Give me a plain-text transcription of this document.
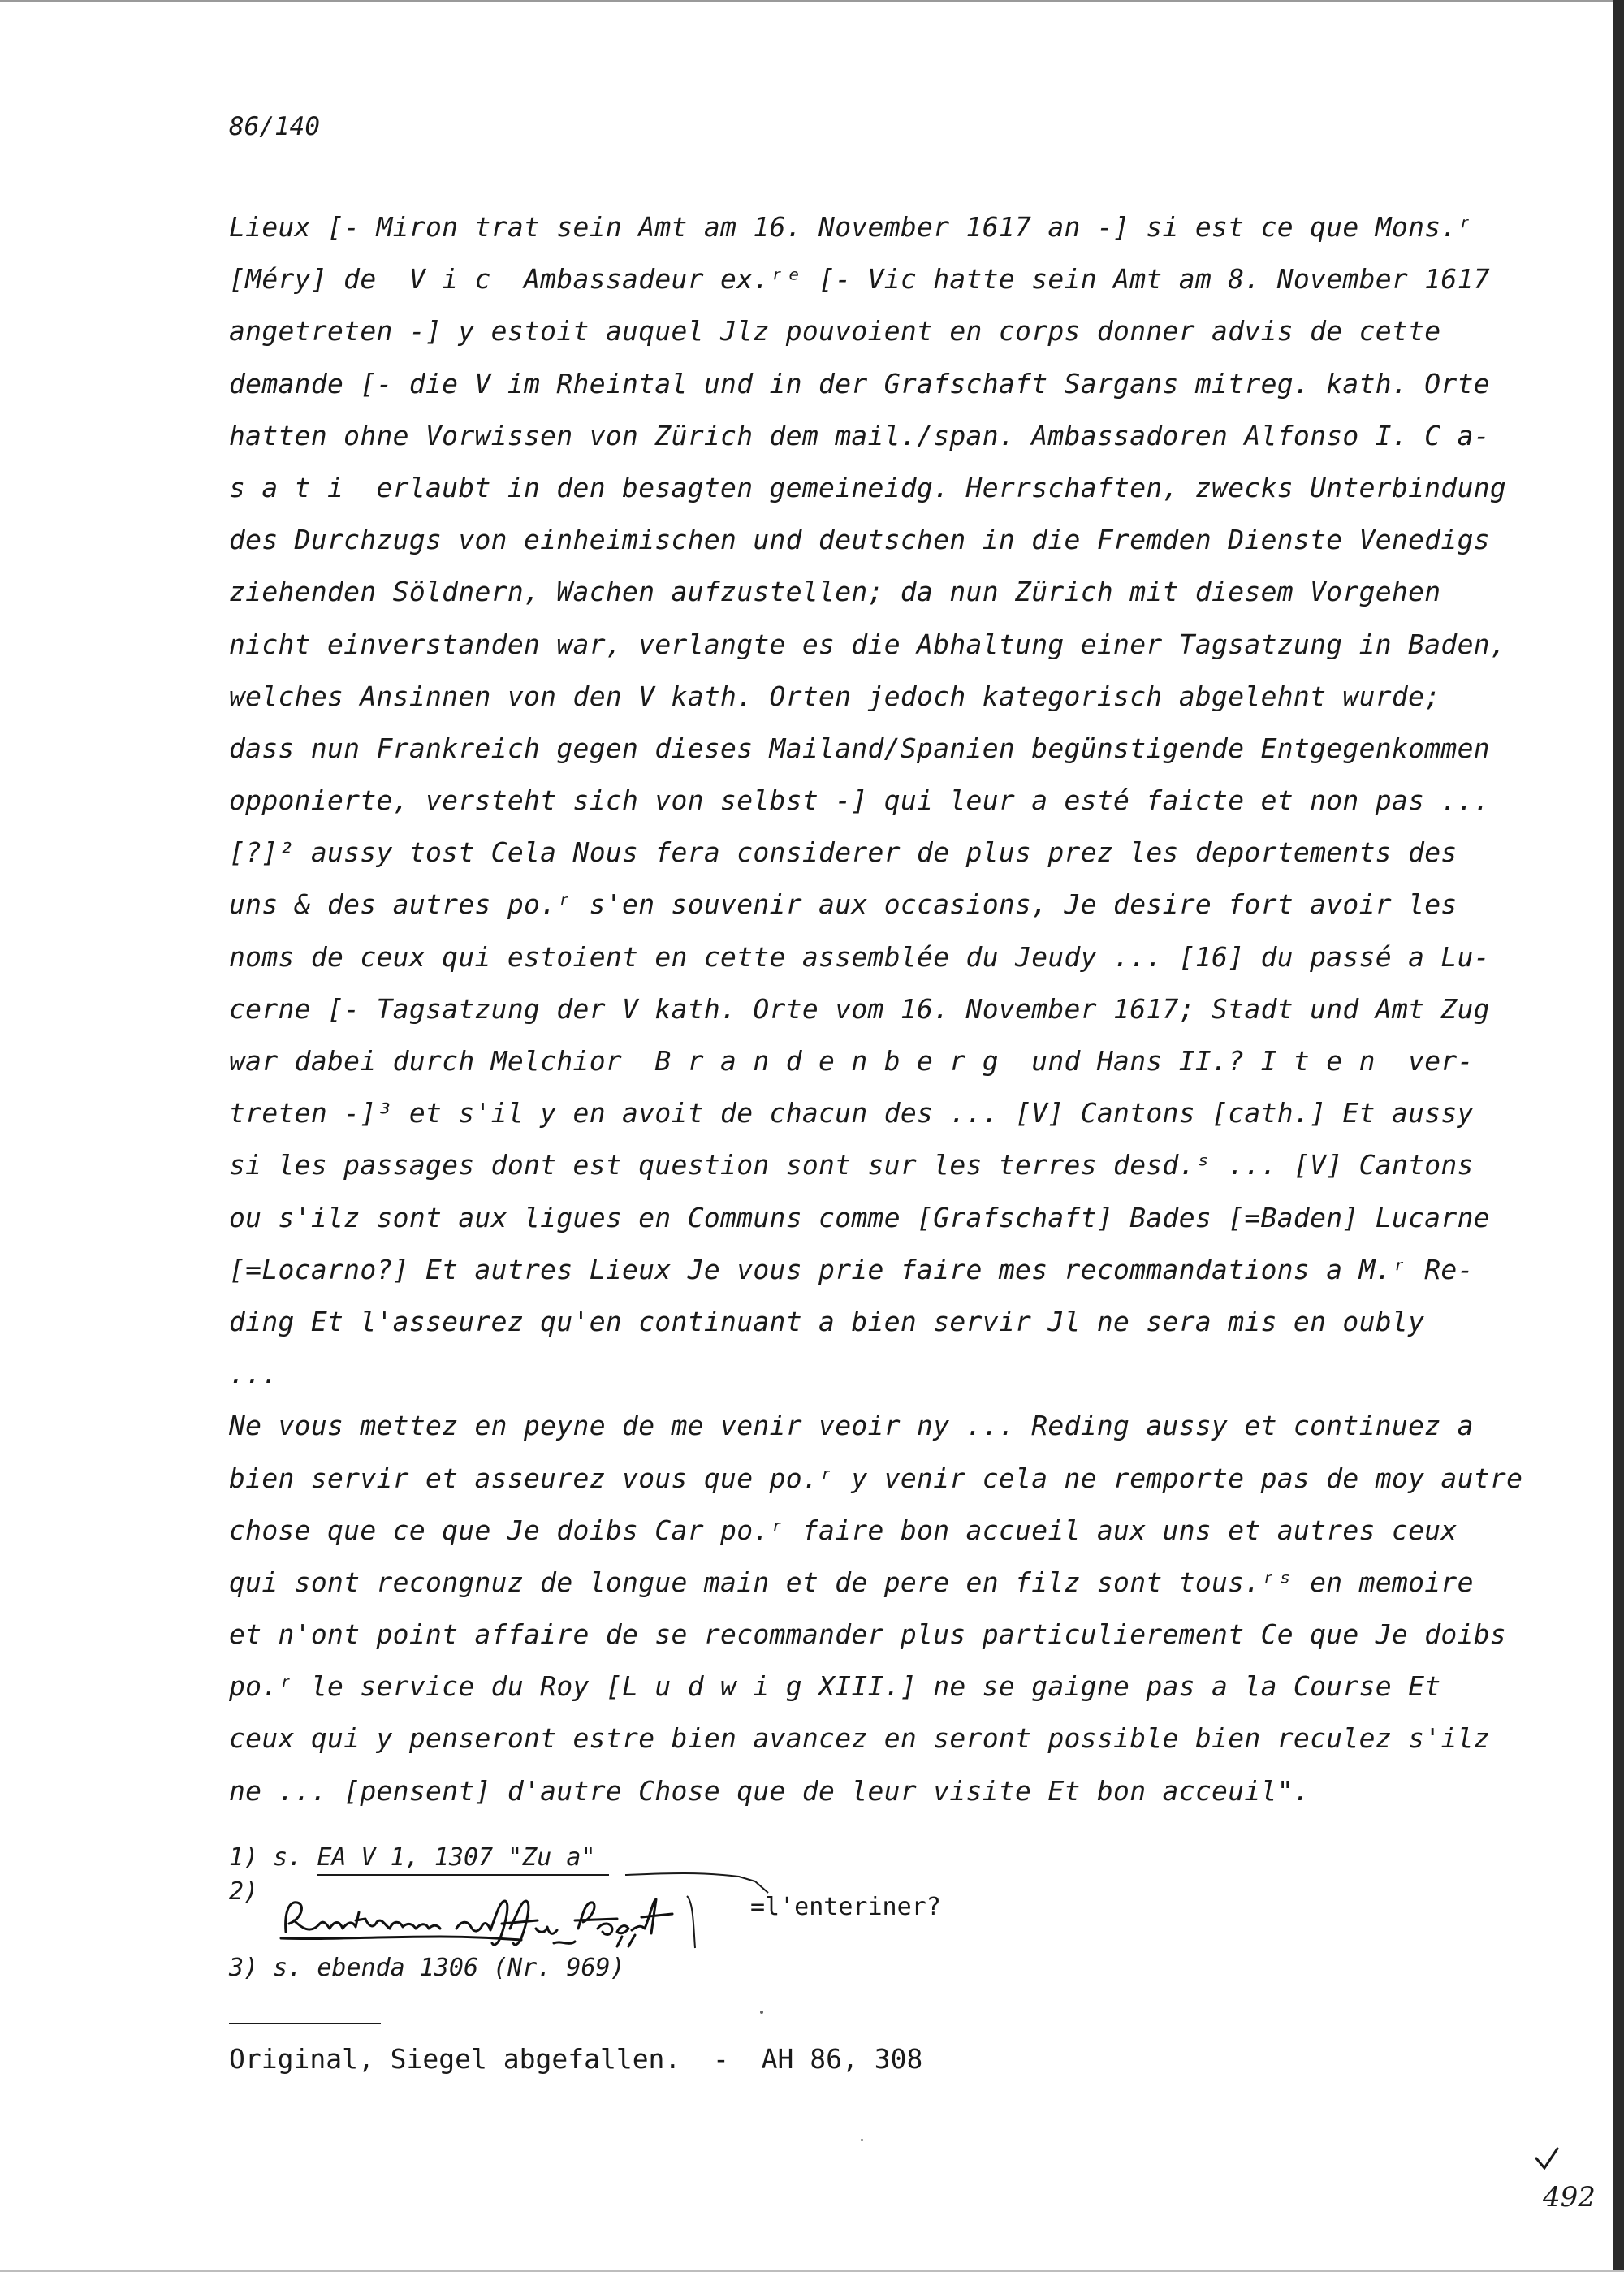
86/140
Lieux [- Miron trat sein Amt am 16. November 1617 an -] si est ce que Mons.ʳ
[Méry] de  V i c  Ambassadeur ex.ʳᵉ [- Vic hatte sein Amt am 8. November 1617
angetreten -] y estoit auquel Jlz pouvoient en corps donner advis de cette
demande [- die V im Rheintal und in der Grafschaft Sargans mitreg. kath. Orte
hatten ohne Vorwissen von Zürich dem mail./span. Ambassadoren Alfonso I. C a-
s a t i  erlaubt in den besagten gemeineidg. Herrschaften, zwecks Unterbindung
des Durchzugs von einheimischen und deutschen in die Fremden Dienste Venedigs
ziehenden Söldnern, Wachen aufzustellen; da nun Zürich mit diesem Vorgehen
nicht einverstanden war, verlangte es die Abhaltung einer Tagsatzung in Baden,
welches Ansinnen von den V kath. Orten jedoch kategorisch abgelehnt wurde;
dass nun Frankreich gegen dieses Mailand/Spanien begünstigende Entgegenkommen
opponierte, versteht sich von selbst -] qui leur a esté faicte et non pas ...
[?]² aussy tost Cela Nous fera considerer de plus prez les deportements des
uns & des autres po.ʳ s'en souvenir aux occasions, Je desire fort avoir les
noms de ceux qui estoient en cette assemblée du Jeudy ... [16] du passé a Lu-
cerne [- Tagsatzung der V kath. Orte vom 16. November 1617; Stadt und Amt Zug
war dabei durch Melchior  B r a n d e n b e r g  und Hans II.? I t e n  ver-
treten -]³ et s'il y en avoit de chacun des ... [V] Cantons [cath.] Et aussy
si les passages dont est question sont sur les terres desd.ˢ ... [V] Cantons
ou s'ilz sont aux ligues en Communs comme [Grafschaft] Bades [=Baden] Lucarne
[=Locarno?] Et autres Lieux Je vous prie faire mes recommandations a M.ʳ Re-
ding Et l'asseurez qu'en continuant a bien servir Jl ne sera mis en oubly
...
Ne vous mettez en peyne de me venir veoir ny ... Reding aussy et continuez a
bien servir et asseurez vous que po.ʳ y venir cela ne remporte pas de moy autre
chose que ce que Je doibs Car po.ʳ faire bon accueil aux uns et autres ceux
qui sont recongnuz de longue main et de pere en filz sont tous.ʳˢ en memoire
et n'ont point affaire de se recommander plus particulierement Ce que Je doibs
po.ʳ le service du Roy [L u d w i g XIII.] ne se gaigne pas a la Course Et
ceux qui y penseront estre bien avancez en seront possible bien reculez s'ilz
ne ... [pensent] d'autre Chose que de leur visite Et bon acceuil".
1) s. EA V 1, 1307 "Zu a"
2)
=l'enteriner?
3) s. ebenda 1306 (Nr. 969)
Original, Siegel abgefallen.  -  AH 86, 308
492
